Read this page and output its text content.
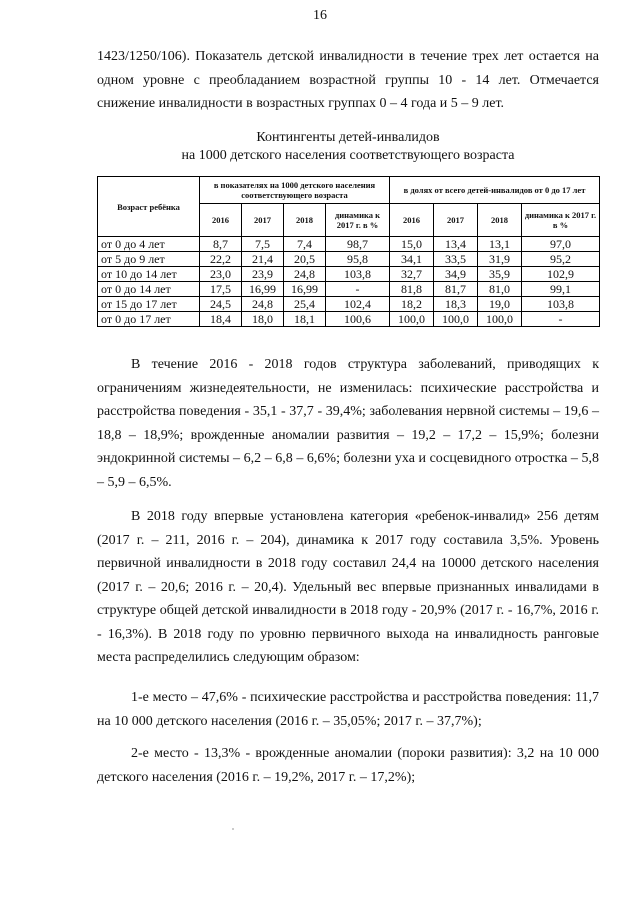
16

1423/1250/106). Показатель детской инвалидности в течение трех лет остается на одном уровне с преобладанием возрастной группы 10 - 14 лет. Отмечается снижение инвалидности в возрастных группах 0 – 4 года и 5 – 9 лет.

Контингенты детей-инвалидов
на 1000 детского населения соответствующего возраста
Возраст ребёнка	в показателях на 1000 детского населения соответствующего возраста				в долях от всего детей-инвалидов от 0 до 17 лет			
	2016	2017	2018	динамика к 2017 г. в %	2016	2017	2018	динамика к 2017 г. в %
от 0 до 4 лет	8,7	7,5	7,4	98,7	15,0	13,4	13,1	97,0
от 5 до 9 лет	22,2	21,4	20,5	95,8	34,1	33,5	31,9	95,2
от 10 до 14 лет	23,0	23,9	24,8	103,8	32,7	34,9	35,9	102,9
от 0 до 14 лет	17,5	16,99	16,99	-	81,8	81,7	81,0	99,1
от 15 до 17 лет	24,5	24,8	25,4	102,4	18,2	18,3	19,0	103,8
от 0 до 17 лет	18,4	18,0	18,1	100,6	100,0	100,0	100,0	-

В течение 2016 - 2018 годов структура заболеваний, приводящих к ограничениям жизнедеятельности, не изменилась: психические расстройства и расстройства поведения - 35,1 - 37,7 - 39,4%; заболевания нервной системы – 19,6 – 18,8 – 18,9%; врожденные аномалии развития – 19,2 – 17,2 – 15,9%; болезни эндокринной системы – 6,2 – 6,8 – 6,6%; болезни уха и сосцевидного отростка – 5,8 – 5,9 – 6,5%.

В 2018 году впервые установлена категория «ребенок-инвалид» 256 детям (2017 г. – 211, 2016 г. – 204), динамика к 2017 году составила 3,5%. Уровень первичной инвалидности в 2018 году составил 24,4 на 10000 детского населения (2017 г. – 20,6; 2016 г. – 20,4). Удельный вес впервые признанных инвалидами в структуре общей детской инвалидности в 2018 году - 20,9% (2017 г. - 16,7%, 2016 г. - 16,3%). В 2018 году по уровню первичного выхода на инвалидность ранговые места распределились следующим образом:

1-е место – 47,6% - психические расстройства и расстройства поведения: 11,7 на 10 000 детского населения (2016 г. – 35,05%; 2017 г. – 37,7%);

2-е место - 13,3% - врожденные аномалии (пороки развития): 3,2 на 10 000 детского населения (2016 г. – 19,2%, 2017 г. – 17,2%);
